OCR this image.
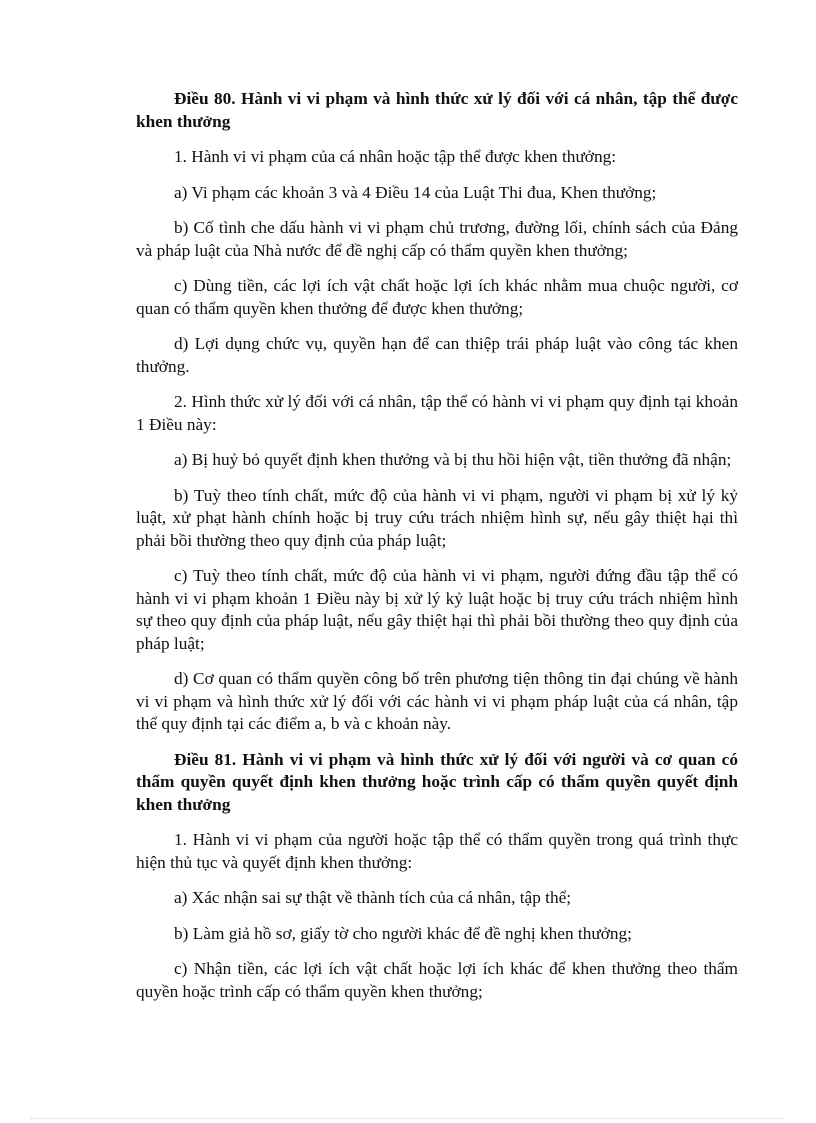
Điều 80. Hành vi vi phạm và hình thức xử lý đối với cá nhân, tập thể được khen thưởng

1. Hành vi vi phạm của cá nhân hoặc tập thể được khen thưởng:

a) Vi phạm các khoản 3 và 4 Điều 14 của Luật Thi đua, Khen thưởng;

b) Cố tình che dấu hành vi vi phạm chủ trương, đường lối, chính sách của Đảng và pháp luật của Nhà nước để đề nghị cấp có thẩm quyền khen thưởng;

c) Dùng tiền, các lợi ích vật chất hoặc lợi ích khác nhằm mua chuộc người, cơ quan có thẩm quyền khen thưởng để được khen thưởng;

d) Lợi dụng chức vụ, quyền hạn để can thiệp trái pháp luật vào công tác khen thưởng.

2. Hình thức xử lý đối với cá nhân, tập thể có hành vi vi phạm quy định tại khoản 1 Điều này:

a) Bị huỷ bỏ quyết định khen thưởng và bị thu hồi hiện vật, tiền thưởng đã nhận;

b) Tuỳ theo tính chất, mức độ của hành vi vi phạm, người vi phạm bị xử lý kỷ luật, xử phạt hành chính hoặc bị truy cứu trách nhiệm hình sự, nếu gây thiệt hại thì phải bồi thường theo quy định của pháp luật;

c) Tuỳ theo tính chất, mức độ của hành vi vi phạm, người đứng đầu tập thể có hành vi vi phạm khoản 1 Điều này bị xử lý kỷ luật hoặc bị truy cứu trách nhiệm hình sự theo quy định của pháp luật, nếu gây thiệt hại thì phải bồi thường theo quy định của pháp luật;

d) Cơ quan có thẩm quyền công bố trên phương tiện thông tin đại chúng về hành vi vi phạm và hình thức xử lý đối với các hành vi vi phạm pháp luật của cá nhân, tập thể quy định tại các điểm a, b và c khoản này.

Điều 81. Hành vi vi phạm và hình thức xử lý đối với người và cơ quan có thẩm quyền quyết định khen thưởng hoặc trình cấp có thẩm quyền quyết định khen thưởng

1. Hành vi vi phạm của người hoặc tập thể có thẩm quyền trong quá trình thực hiện thủ tục và quyết định khen thưởng:

a) Xác nhận sai sự thật về thành tích của cá nhân, tập thể;

b) Làm giả hồ sơ, giấy tờ cho người khác để đề nghị khen thưởng;

c) Nhận tiền, các lợi ích vật chất hoặc lợi ích khác để khen thưởng theo thẩm quyền hoặc trình cấp có thẩm quyền khen thưởng;
